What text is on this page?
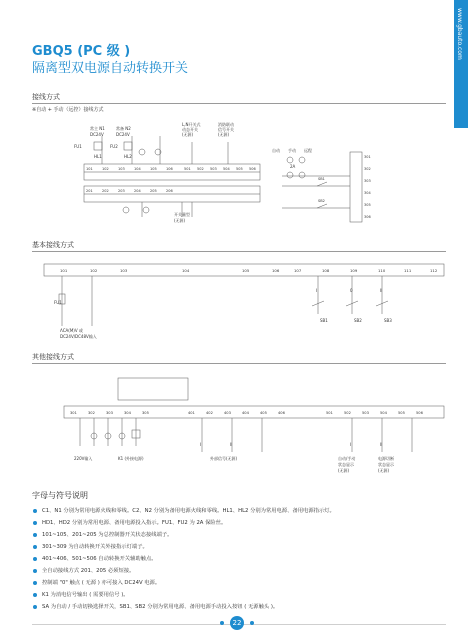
www.gbauto.com
GBQ5 (PC 级 )
隔离型双电源自动转换开关
接线方式
※自动 + 手动（远控）接线方式
常主 N1	常备 N2
DC24V	DC24V
FU1	FU2
HL1	HL2
L,N开关式
动态开关
(无源)
消防联动
信号开关
(无源)
自动 手动 远程
2A
开关量型
(无源)
101	102	103	104	105	106	501 502 503 504 505 506
201	202	203	204	205	206
301
302
303
304
305
306
SB1
SB2
基本接线方式
101	102	103	104	105	106	107	108	109	110	111	112
FU1
ΛCA(M)V 或
DC24V/DC48V输入
I	0	II
SB1	SB2	SB3
其他接线方式
301	302	303	304	305	401	402	403	404	405	406	501	502	503	504	505	506
220V输入	K1 (外接电源)	外部信号(无源)	自动/手动
状态显示
(无源)
电源切断
状态显示
(无源)
I	II	I	II
字母与符号说明
C1、N1 分别为常用电源火线和零线。C2、N2 分别为备用电源火线和零线。HL1、HL2 分别为常用电源、备用电源指示灯。
HD1、HD2 分别为常用电源、备用电源投入指示。FU1、FU2 为 2A 保险丝。
101~105、201~205 为总控制器开关状态接线端子。
301~309 为自动转换开关外接指示灯端子。
401~406、501~506 自动转换开关辅助触点。
全自动接线方式 201、205 必须短接。
控制端 "0" 触点 ( 无源 ) 亦可接入 DC24V 电源。
K1 为消电信号输出 ( 需要用信号 )。
SA 为自动 / 手动切换选择开关，SB1、SB2 分别为常用电源、备用电源手动投入按钮 ( 无源触头 )。
22
